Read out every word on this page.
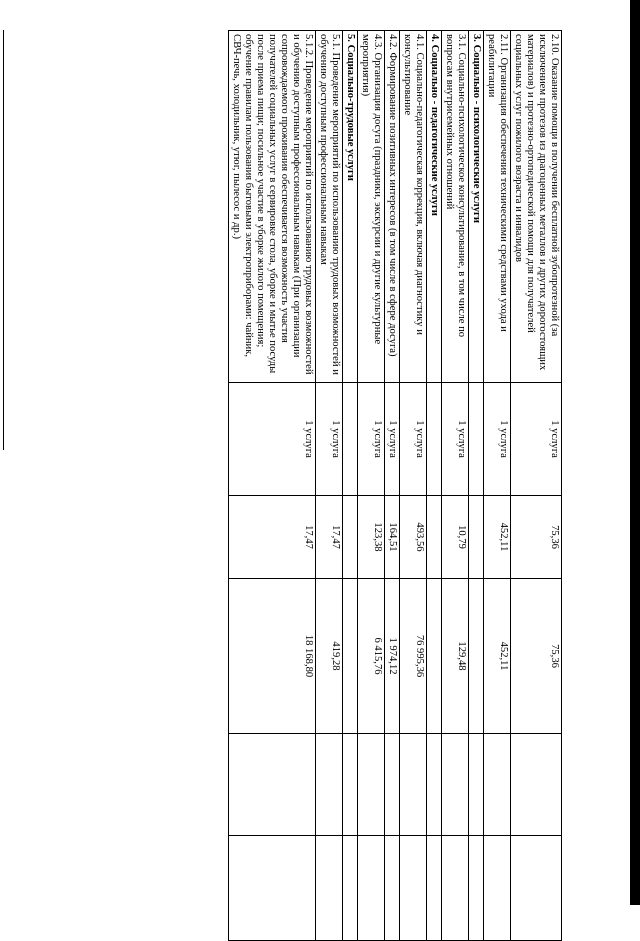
2.10. Оказание помощи в получении бесплатной зубопротезной (за исключением протезов из драгоценных металлов и других дорогостоящих материалов) и протезно-ортопедической помощи для получателей социальных услуг пожилого возраста и инвалидов	1 услуга	75,36	75,36		
2.11. Организация обеспечения техническими средствами ухода и реабилитации	1 услуга	452,11	452,11		
3. Социально - психологические услуги					
3.1. Социально-психологическое консультирование, в том числе по вопросам внутрисемейных отношений	1 услуга	10,79	129,48		
4. Социально - педагогические услуги					
4.1. Социально-педагогическая коррекция, включая диагностику и консультирование	1 услуга	493,56	76 995,36		
4.2. Формирование позитивных интересов (в том числе в сфере досуга)	1 услуга	164,51	1 974,12		
4.3. Организация досуга (праздники, экскурсии и другие культурные мероприятия)	1 услуга	123,38	6 415,76		
5. Социально-трудовые услуги					
5.1. Проведение мероприятий по использованию трудовых возможностей и обучению доступным профессиональным навыкам	1 услуга	17,47	419,28		
5.1.2. Проведение мероприятий по использованию трудовых возможностей и обучению доступным профессиональным навыкам (При организации сопровождаемого проживания обеспечивается возможность участия получателей социальных услуг в сервировке стола, уборке и мытье посуды после приема пищи; посильное участие в уборке жилого помещения; обучение правилам пользования бытовыми электроприборами: чайник, СВЧ-печь, холодильник, утюг, пылесос и др.)	1 услуга	17,47	18 168,80		
